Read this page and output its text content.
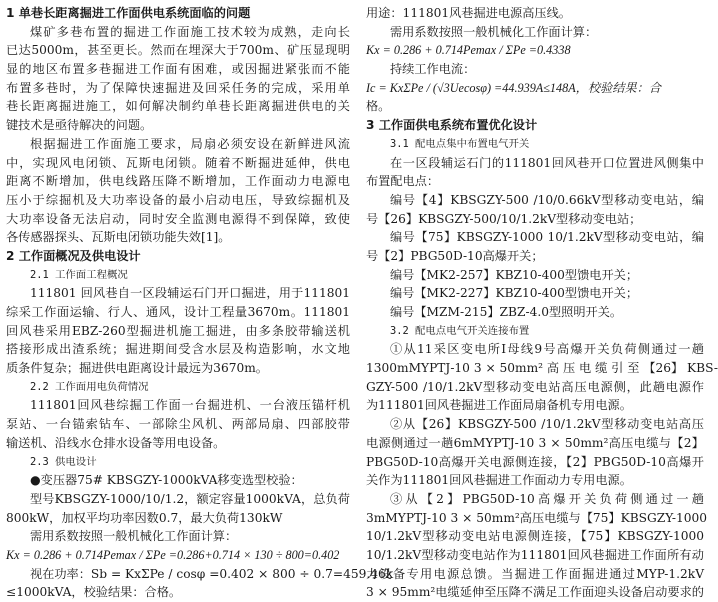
1 单巷长距离掘进工作面供电系统面临的问题
煤矿多巷布置的掘进工作面施工技术较为成熟，走向长
已达5000m，甚至更长。然而在埋深大于700m、矿压显现明
显的地区布置多巷掘进工作面有困难，或因掘进紧张而不能
布置多巷时，为了保障快速掘进及回采任务的完成，采用单
巷长距离掘进施工，如何解决制约单巷长距离掘进供电的关
键技术是亟待解决的问题。
根据掘进工作面施工要求，局扇必须安设在新鲜进风流
中，实现风电闭锁、瓦斯电闭锁。随着不断掘进延伸，供电
距离不断增加，供电线路压降不断增加，工作面动力电源电
压小于综掘机及大功率设备的最小启动电压，导致综掘机及
大功率设备无法启动，同时安全监测电源得不到保障，致使
各传感器探头、瓦斯电闭锁功能失效[1]。
2 工作面概况及供电设计
2.1 工作面工程概况
111801 回风巷自一区段辅运石门开口掘进，用于111801
综采工作面运输、行人、通风，设计工程量3670m。111801
回风巷采用EBZ-260型掘进机施工掘进，由多条胶带输送机
搭接形成出渣系统；掘进期间受含水层及构造影响，水文地
质条件复杂；掘进供电距离设计最远为3670m。
2.2 工作面用电负荷情况
111801回风巷综掘工作面一台掘进机、一台液压锚杆机
泵站、一台锚索钻车、一部除尘风机、两部局扇、四部胶带
输送机、沿线水仓排水设备等用电设备。
2.3 供电设计
●变压器75# KBSGZY-1000kVA移变选型校验：
型号KBSGZY-1000/10/1.2，额定容量1000kVA，总负荷
800kW，加权平均功率因数0.7，最大负荷130kW
需用系数按照一般机械化工作面计算：
Kx = 0.286 + 0.714Pemax / ΣPe =0.286+0.714 × 130 ÷ 800=0.402
视在功率：Sb = KxΣPe / cosφ =0.402 × 800 ÷ 0.7=459.46k
≤1000kVA，校验结果：合格。
用途：111801风巷掘进电源高压线。
需用系数按照一般机械化工作面计算：
Kx = 0.286 + 0.714Pemax / ΣPe =0.4338
持续工作电流：
Ic = KxΣPe / (√3Uecosφ) =44.939A≤148A，校验结果：合
格。
3 工作面供电系统布置优化设计
3.1 配电点集中布置电气开关
在一区段辅运石门的111801回风巷开口位置进风侧集中
布置配电点：
编号【4】KBSGZY-500 /10/0.66kV型移动变电站，编
号【26】KBSGZY-500/10/1.2kV型移动变电站；
编号【75】KBSGZY-1000 10/1.2kV型移动变电站，编
号【2】PBG50D-10高爆开关；
编号【MK2-257】KBZ10-400型馈电开关；
编号【MK2-227】KBZ10-400型馈电开关；
编号【MZM-215】ZBZ-4.0型照明开关。
3.2 配电点电气开关连接布置
①从11采区变电所Ⅰ母线9号高爆开关负荷侧通过一趟
1300mMYPTJ-10 3 × 50mm² 高 压 电 缆 引 至 【26】 KBS-
GZY-500 /10/1.2kV型移动变电站高压电源侧，此趟电源作
为111801回风巷掘进工作面局扇备机专用电源。
②从【26】KBSGZY-500 /10/1.2kV型移动变电站高压
电源侧通过一趟6mMYPTJ-10 3 × 50mm²高压电缆与【2】
PBG50D-10高爆开关电源侧连接，【2】PBG50D-10高爆开
关作为111801回风巷掘进工作面动力专用电源。
③从【2】PBG50D-10高爆开关负荷侧通过一趟
3mMYPTJ-10 3 × 50mm²高压电缆与【75】KBSGZY-1000
10/1.2kV型移动变电站电源侧连接，【75】KBSGZY-1000
10/1.2kV型移动变电站作为111801回风巷掘进工作面所有动
力设备专用电源总馈。当掘进工作面掘进通过MYP-1.2kV
3 × 95mm²电缆延伸至压降不满足工作面迎头设备启动要求的
